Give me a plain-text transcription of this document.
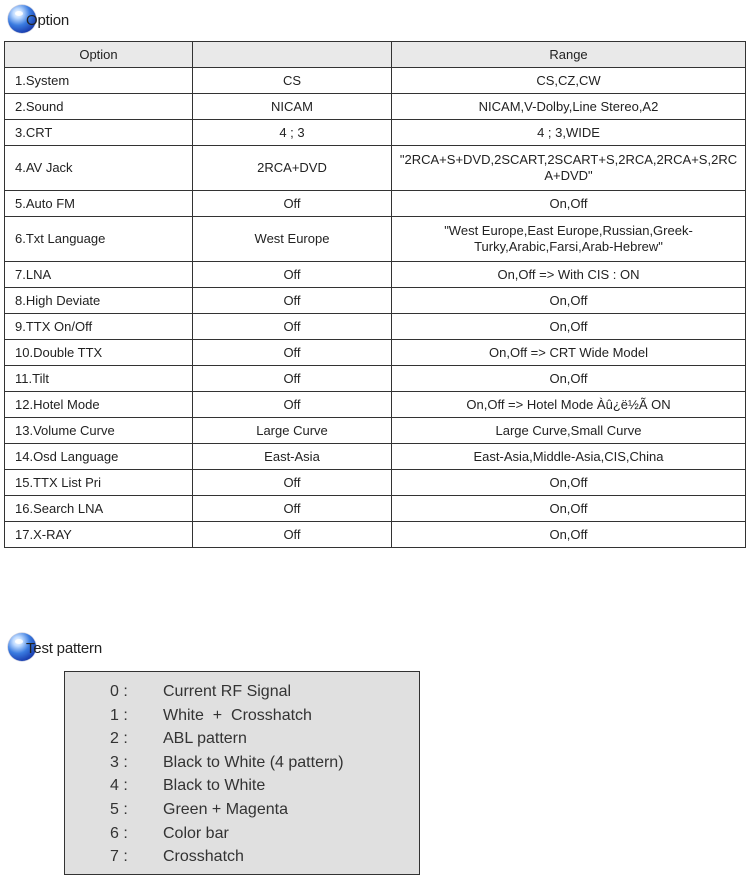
Option
Option		Range
1.System	CS	CS,CZ,CW
2.Sound	NICAM	NICAM,V-Dolby,Line Stereo,A2
3.CRT	4 ; 3	4 ; 3,WIDE
4.AV Jack	2RCA+DVD	"2RCA+S+DVD,2SCART,2SCART+S,2RCA,2RCA+S,2RCA+DVD"
5.Auto FM	Off	On,Off
6.Txt Language	West Europe	"West Europe,East Europe,Russian,Greek-Turky,Arabic,Farsi,Arab-Hebrew"
7.LNA	Off	On,Off => With CIS : ON
8.High Deviate	Off	On,Off
9.TTX On/Off	Off	On,Off
10.Double TTX	Off	On,Off => CRT Wide Model
11.Tilt	Off	On,Off
12.Hotel Mode	Off	On,Off => Hotel Mode Àû¿ë½Ã ON
13.Volume Curve	Large Curve	Large Curve,Small Curve
14.Osd Language	East-Asia	East-Asia,Middle-Asia,CIS,China
15.TTX List Pri	Off	On,Off
16.Search LNA	Off	On,Off
17.X-RAY	Off	On,Off
Test pattern
0 : Current RF Signal
1 : White  +  Crosshatch
2 : ABL pattern
3 : Black to White (4 pattern)
4 : Black to White
5 : Green + Magenta
6 : Color bar
7 : Crosshatch
